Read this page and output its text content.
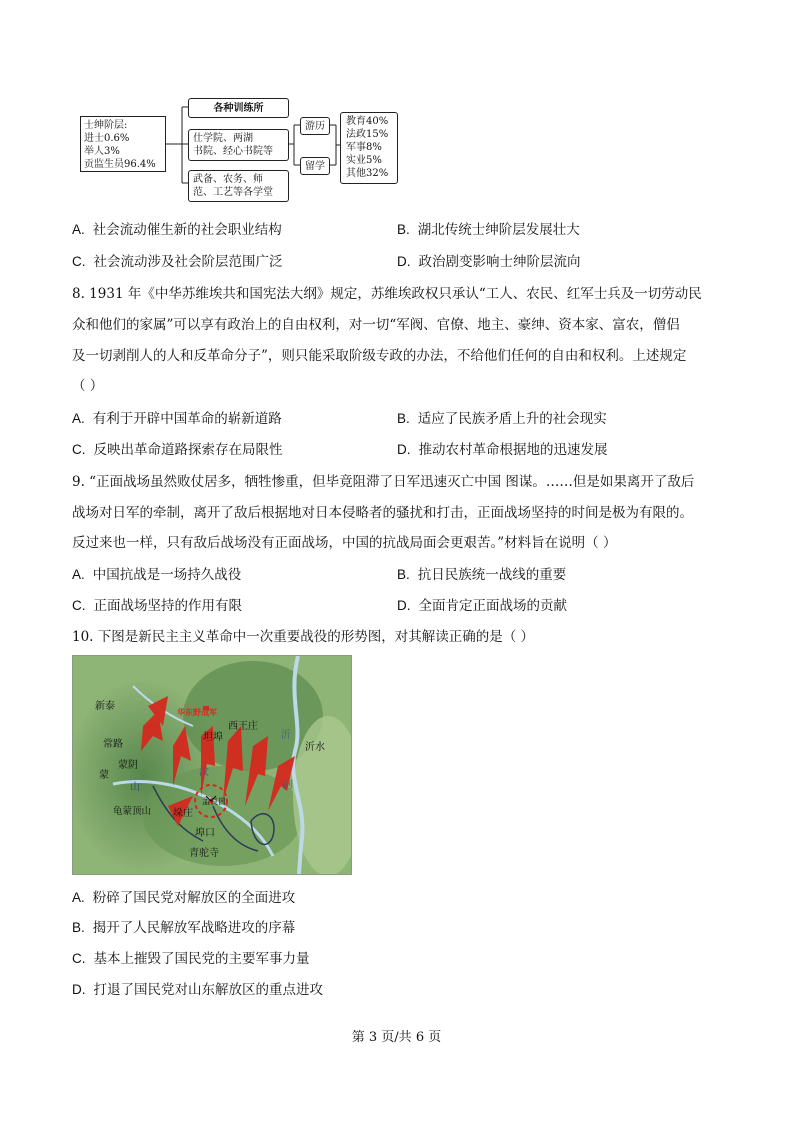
士绅阶层:
进士0.6%
举人3%
贡监生员96.4%
各种训练所
仕学院、两湖
书院、经心书院等
武备、农务、师
范、工艺等各学堂
游历
留学
教育40%
法政15%
军事8%
实业5%
其他32%
A. 社会流动催生新的社会职业结构	B. 湖北传统士绅阶层发展壮大
C. 社会流动涉及社会阶层范围广泛	D. 政治剧变影响士绅阶层流向
8. 1931 年《中华苏维埃共和国宪法大纲》规定，苏维埃政权只承认“工人、农民、红军士兵及一切劳动民
众和他们的家属”可以享有政治上的自由权利，对一切“军阀、官僚、地主、豪绅、资本家、富农，僧侣
及一切剥削人的人和反革命分子”，则只能采取阶级专政的办法，不给他们任何的自由和权利。上述规定
（ ）
A. 有利于开辟中国革命的崭新道路	B. 适应了民族矛盾上升的社会现实
C. 反映出革命道路探索存在局限性	D. 推动农村革命根据地的迅速发展
9. “正面战场虽然败仗居多，牺牲惨重，但毕竟阻滞了日军迅速灭亡中国 图谋。……但是如果离开了敌后
战场对日军的牵制，离开了敌后根据地对日本侵略者的骚扰和打击，正面战场坚持的时间是极为有限的。
反过来也一样，只有敌后战场没有正面战场，中国的抗战局面会更艰苦。”材料旨在说明（ ）
A. 中国抗战是一场持久战役	B. 抗日民族统一战线的重要
C. 正面战场坚持的作用有限	D. 全面肯定正面战场的贡献
10. 下图是新民主主义革命中一次重要战役的形势图，对其解读正确的是（ ）
新泰
华东野战军
西王庄
坦埠
沂水
常路
蒙阴
蒙
山
孟良崮
龟蒙顶山 垛庄
埠口
青驼寺
沂
汶
河
A. 粉碎了国民党对解放区的全面进攻
B. 揭开了人民解放军战略进攻的序幕
C. 基本上摧毁了国民党的主要军事力量
D. 打退了国民党对山东解放区的重点进攻
第 3 页/共 6 页
